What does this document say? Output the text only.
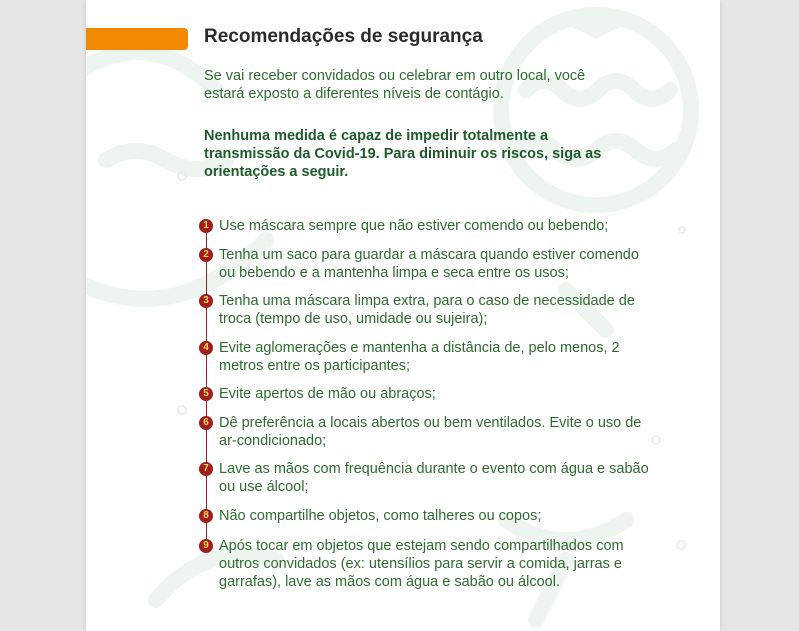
Recomendações de segurança

Se vai receber convidados ou celebrar em outro local, você estará exposto a diferentes níveis de contágio.

Nenhuma medida é capaz de impedir totalmente a transmissão da Covid-19. Para diminuir os riscos, siga as orientações a seguir.

1 Use máscara sempre que não estiver comendo ou bebendo;
2 Tenha um saco para guardar a máscara quando estiver comendo ou bebendo e a mantenha limpa e seca entre os usos;
3 Tenha uma máscara limpa extra, para o caso de necessidade de troca (tempo de uso, umidade ou sujeira);
4 Evite aglomerações e mantenha a distância de, pelo menos, 2 metros entre os participantes;
5 Evite apertos de mão ou abraços;
6 Dê preferência a locais abertos ou bem ventilados. Evite o uso de ar-condicionado;
7 Lave as mãos com frequência durante o evento com água e sabão ou use álcool;
8 Não compartilhe objetos, como talheres ou copos;
9 Após tocar em objetos que estejam sendo compartilhados com outros convidados (ex: utensílios para servir a comida, jarras e garrafas), lave as mãos com água e sabão ou álcool.
